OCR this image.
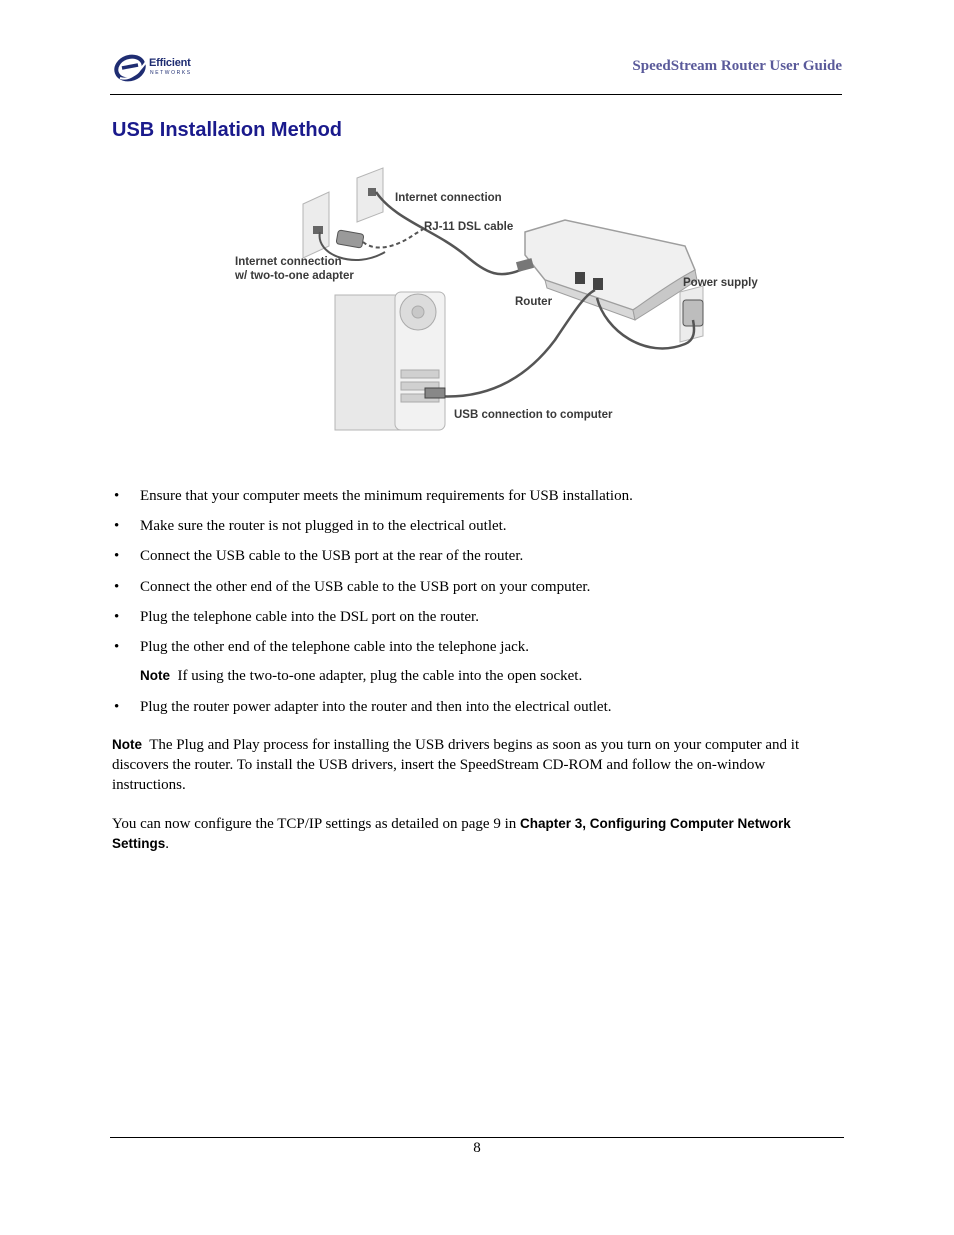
Efficient
NETWORKS	SpeedStream Router User Guide
USB Installation Method
Internet connection
RJ-11 DSL cable
Internet connection
w/ two-to-one adapter
Router
Power supply
USB connection to computer
• Ensure that your computer meets the minimum requirements for USB installation.
• Make sure the router is not plugged in to the electrical outlet.
• Connect the USB cable to the USB port at the rear of the router.
• Connect the other end of the USB cable to the USB port on your computer.
• Plug the telephone cable into the DSL port on the router.
• Plug the other end of the telephone cable into the telephone jack.
Note If using the two-to-one adapter, plug the cable into the open socket.
• Plug the router power adapter into the router and then into the electrical outlet.
Note The Plug and Play process for installing the USB drivers begins as soon as you turn on your computer and it discovers the router. To install the USB drivers, insert the SpeedStream CD-ROM and follow the on-window instructions.
You can now configure the TCP/IP settings as detailed on page 9 in Chapter 3, Configuring Computer Network Settings.
8
